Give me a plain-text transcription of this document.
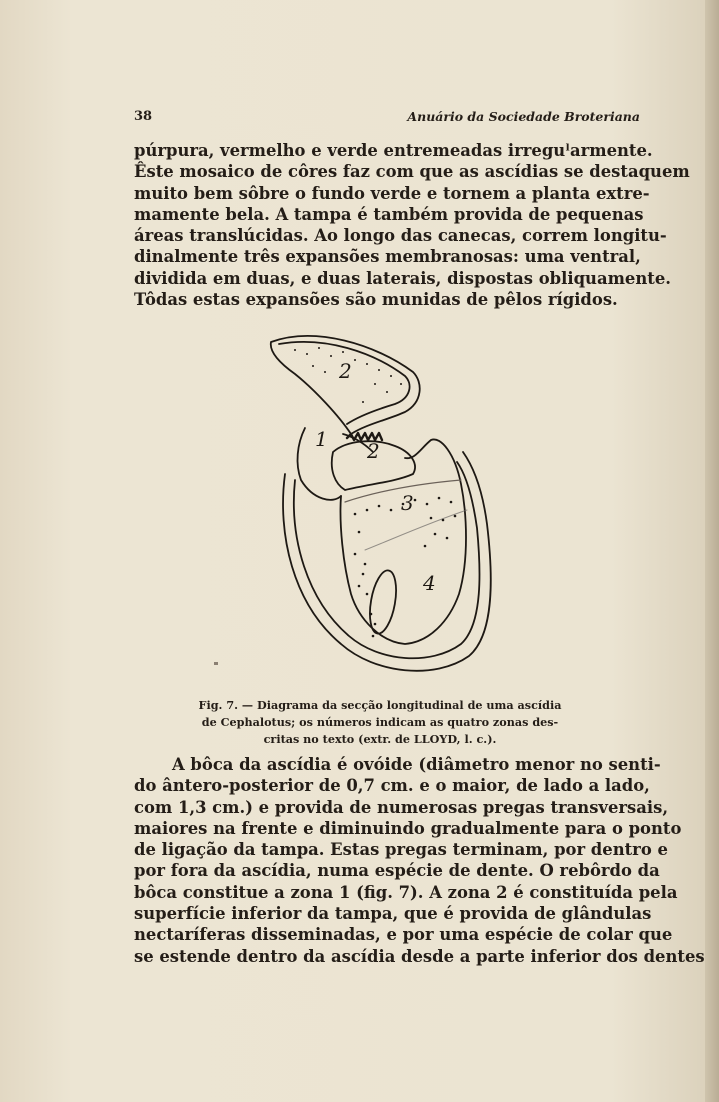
38	Anuário da Sociedade Broteriana
púrpura, vermelho e verde entremeadas irreguˡarmente.
Êste mosaico de côres faz com que as ascídias se destaquem
muito bem sôbre o fundo verde e tornem a planta extre-
mamente bela. A tampa é também provida de pequenas
áreas translúcidas. Ao longo das canecas, correm longitu-
dinalmente três expansões membranosas: uma ventral,
dividida em duas, e duas laterais, dispostas obliquamente.
Tôdas estas expansões são munidas de pêlos rígidos.
2
1 2
3
4
Fig. 7. — Diagrama da secção longitudinal de uma ascídia
de Cephalotus; os números indicam as quatro zonas des-
critas no texto (extr. de LLOYD, l. c.).
A bôca da ascídia é ovóide (diâmetro menor no senti-
do ântero-posterior de 0,7 cm. e o maior, de lado a lado,
com 1,3 cm.) e provida de numerosas pregas transversais,
maiores na frente e diminuindo gradualmente para o ponto
de ligação da tampa. Estas pregas terminam, por dentro e
por fora da ascídia, numa espécie de dente. O rebôrdo da
bôca constitue a zona 1 (fig. 7). A zona 2 é constituída pela
superfície inferior da tampa, que é provida de glândulas
nectaríferas disseminadas, e por uma espécie de colar que
se estende dentro da ascídia desde a parte inferior dos dentes
